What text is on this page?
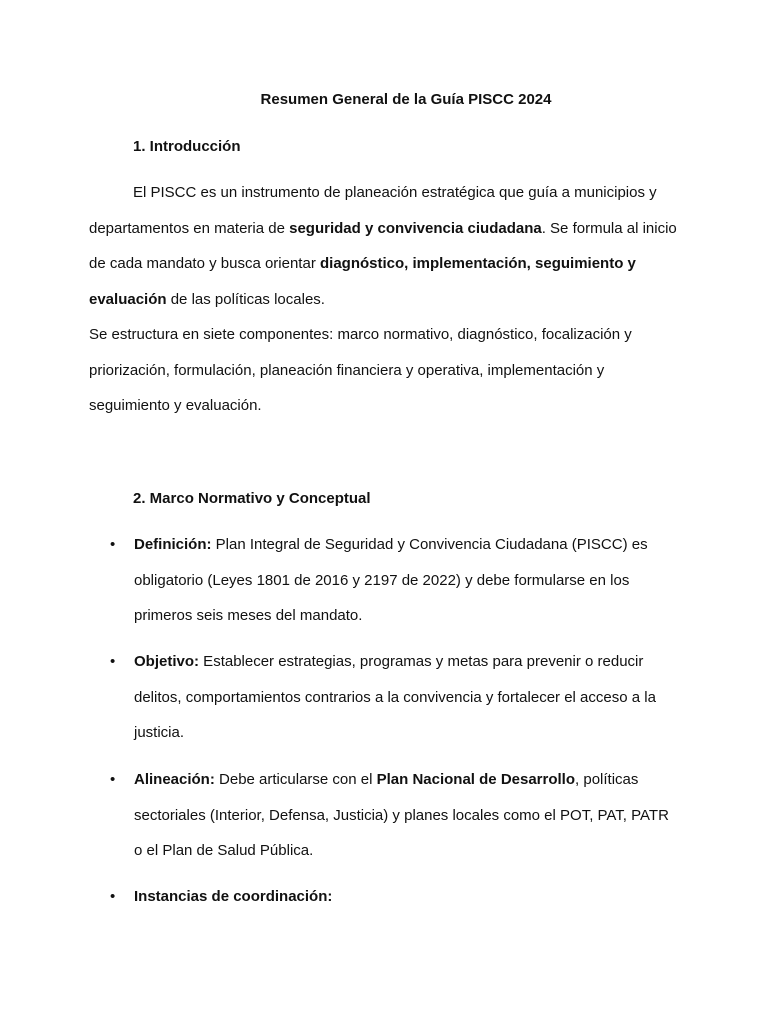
Resumen General de la Guía PISCC 2024
1. Introducción

El PISCC es un instrumento de planeación estratégica que guía a municipios y departamentos en materia de seguridad y convivencia ciudadana. Se formula al inicio de cada mandato y busca orientar diagnóstico, implementación, seguimiento y evaluación de las políticas locales.

Se estructura en siete componentes: marco normativo, diagnóstico, focalización y priorización, formulación, planeación financiera y operativa, implementación y seguimiento y evaluación.

2. Marco Normativo y Conceptual
• Definición: Plan Integral de Seguridad y Convivencia Ciudadana (PISCC) es obligatorio (Leyes 1801 de 2016 y 2197 de 2022) y debe formularse en los primeros seis meses del mandato.
• Objetivo: Establecer estrategias, programas y metas para prevenir o reducir delitos, comportamientos contrarios a la convivencia y fortalecer el acceso a la justicia.
• Alineación: Debe articularse con el Plan Nacional de Desarrollo, políticas sectoriales (Interior, Defensa, Justicia) y planes locales como el POT, PAT, PATR o el Plan de Salud Pública.
• Instancias de coordinación:
